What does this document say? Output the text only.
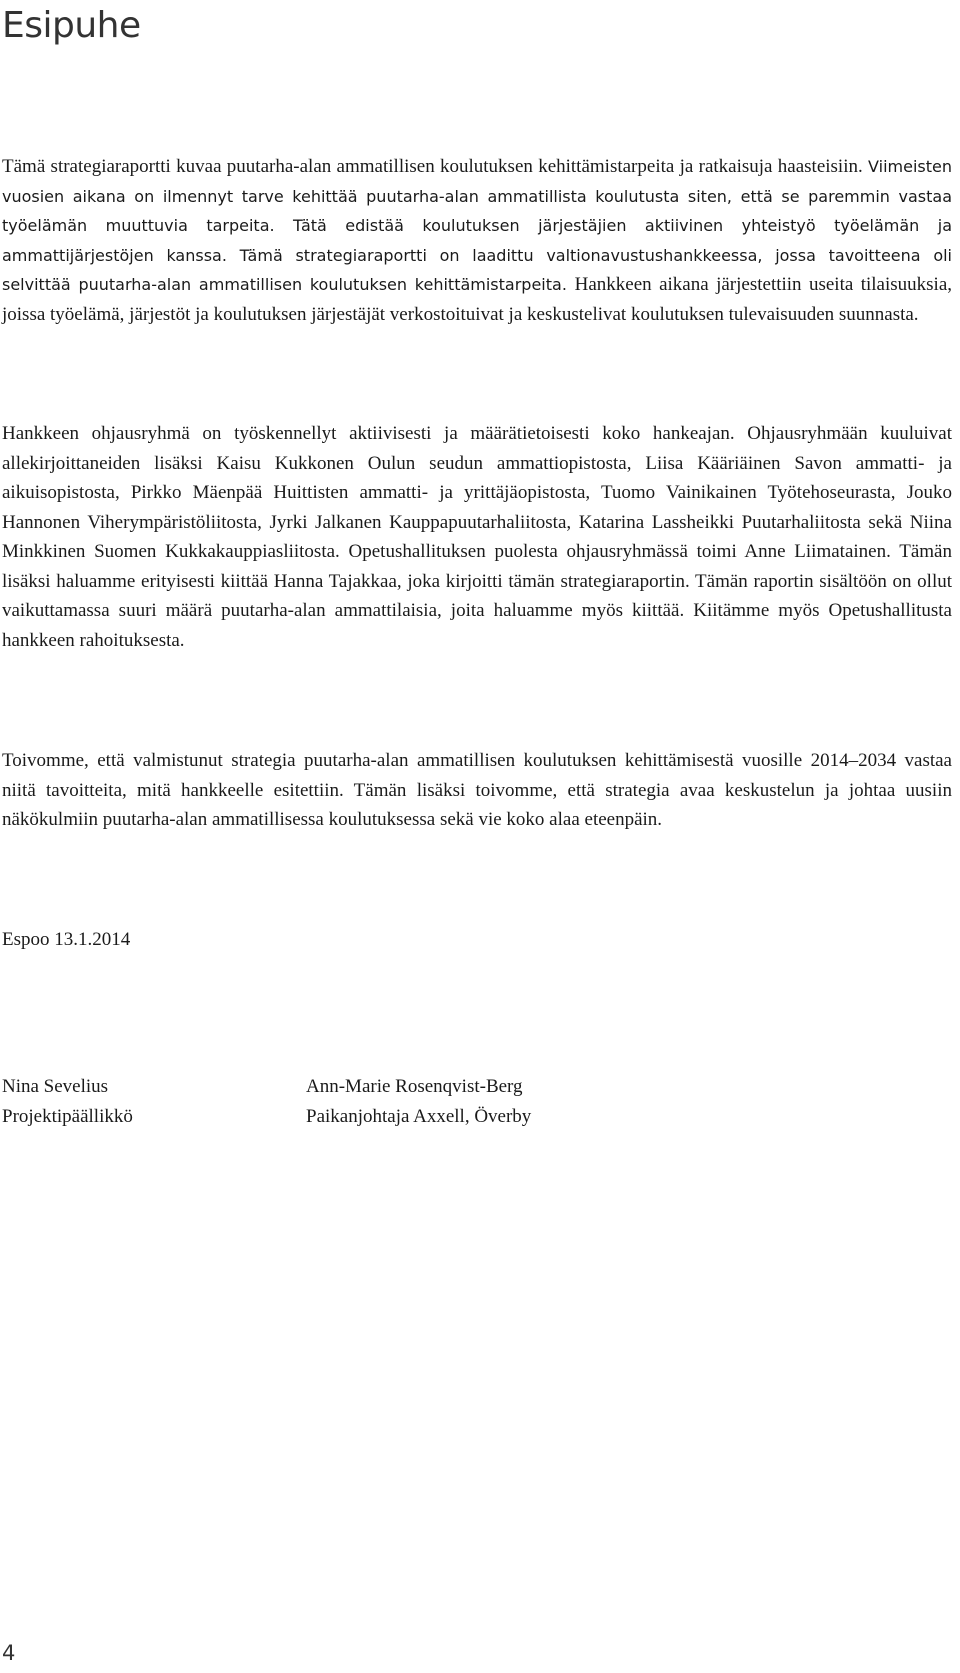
Esipuhe

Tämä strategiaraportti kuvaa puutarha-alan ammatillisen koulutuksen kehittämistarpeita ja ratkaisuja haasteisiin. Viimeisten vuosien aikana on ilmennyt tarve kehittää puutarha-alan ammatillista koulutusta siten, että se paremmin vastaa työelämän muuttuvia tarpeita. Tätä edistää koulutuksen järjestäjien aktiivinen yhteistyö työelämän ja ammattijärjestöjen kanssa. Tämä strategiaraportti on laadittu valtionavustushankkeessa, jossa tavoitteena oli selvittää puutarha-alan ammatillisen koulutuksen kehittämistarpeita. Hankkeen aikana järjestettiin useita tilaisuuksia, joissa työelämä, järjestöt ja koulutuksen järjestäjät verkostoituivat ja keskustelivat koulutuksen tulevaisuuden suunnasta.

Hankkeen ohjausryhmä on työskennellyt aktiivisesti ja määrätietoisesti koko hankeajan. Ohjausryhmään kuuluivat allekirjoittaneiden lisäksi Kaisu Kukkonen Oulun seudun ammattiopistosta, Liisa Kääriäinen Savon ammatti- ja aikuisopistosta, Pirkko Mäenpää Huittisten ammatti- ja yrittäjäopistosta, Tuomo Vainikainen Työtehoseurasta, Jouko Hannonen Viherympäristöliitosta, Jyrki Jalkanen Kauppapuutarhaliitosta, Katarina Lassheikki Puutarhaliitosta sekä Niina Minkkinen Suomen Kukkakauppiasliitosta. Opetushallituksen puolesta ohjausryhmässä toimi Anne Liimatainen. Tämän lisäksi haluamme erityisesti kiittää Hanna Tajakkaa, joka kirjoitti tämän strategiaraportin. Tämän raportin sisältöön on ollut vaikuttamassa suuri määrä puutarha-alan ammattilaisia, joita haluamme myös kiittää. Kiitämme myös Opetushallitusta hankkeen rahoituksesta.

Toivomme, että valmistunut strategia puutarha-alan ammatillisen koulutuksen kehittämisestä vuosille 2014–2034 vastaa niitä tavoitteita, mitä hankkeelle esitettiin. Tämän lisäksi toivomme, että strategia avaa keskustelun ja johtaa uusiin näkökulmiin puutarha-alan ammatillisessa koulutuksessa sekä vie koko alaa eteenpäin.

Espoo 13.1.2014

Nina Sevelius
Projektipäällikkö
Ann-Marie Rosenqvist-Berg
Paikanjohtaja Axxell, Överby
4
